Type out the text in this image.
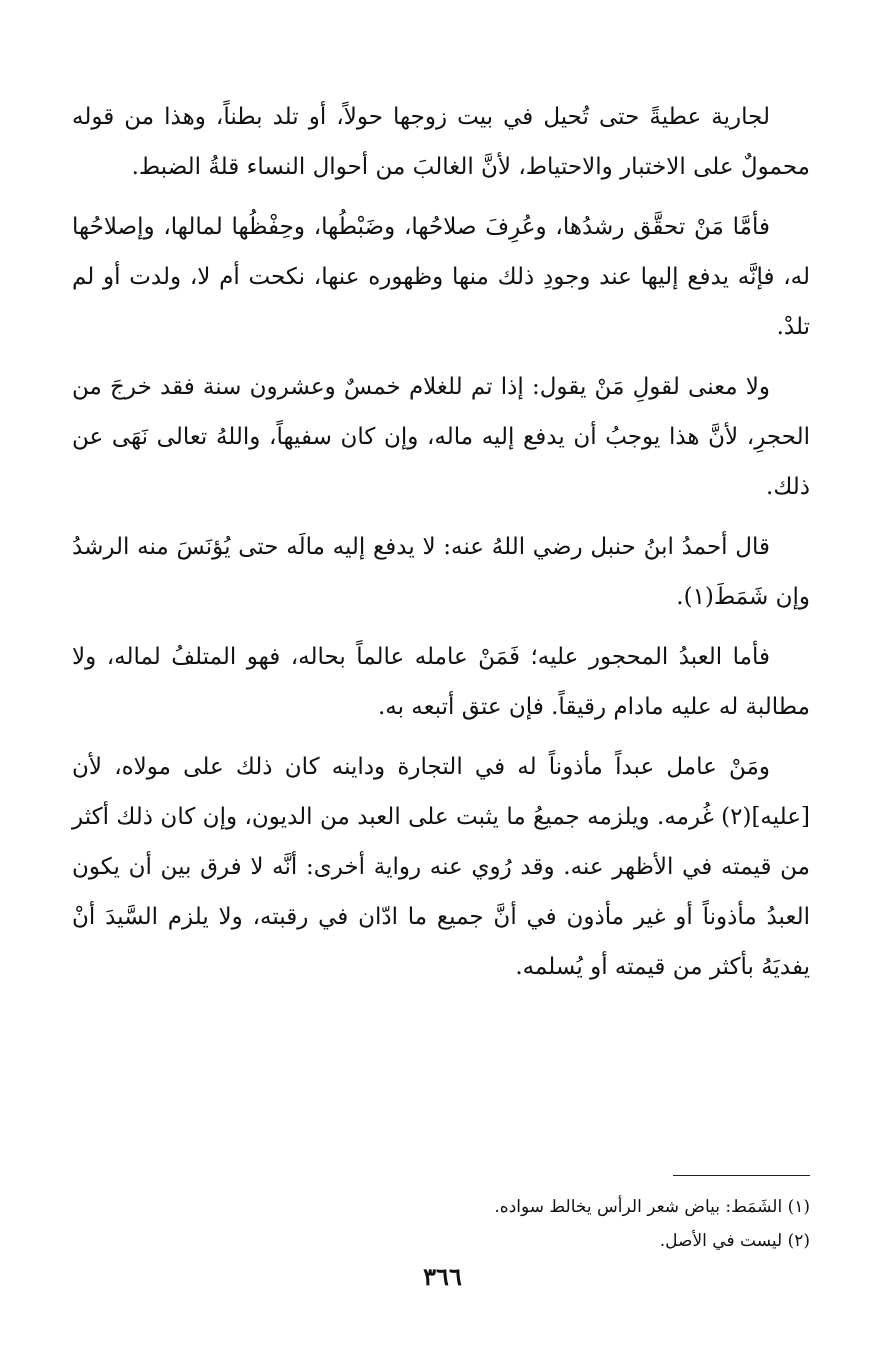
لجارية عطيةً حتى تُحيل في بيت زوجها حولاً، أو تلد بطناً، وهذا من قوله محمولٌ على الاختبار والاحتياط، لأنَّ الغالبَ من أحوال النساء قلةُ الضبط.

فأمَّا مَنْ تحقَّق رشدُها، وعُرِفَ صلاحُها، وضَبْطُها، وحِفْظُها لمالها، وإصلاحُها له، فإنَّه يدفع إليها عند وجودِ ذلك منها وظهوره عنها، نكحت أم لا، ولدت أو لم تلدْ.

ولا معنى لقولِ مَنْ يقول: إذا تم للغلام خمسٌ وعشرون سنة فقد خرجَ من الحجرِ، لأنَّ هذا يوجبُ أن يدفع إليه ماله، وإن كان سفيهاً، واللهُ تعالى نَهَى عن ذلك.

قال أحمدُ ابنُ حنبل رضي اللهُ عنه: لا يدفع إليه مالَه حتى يُؤنَسَ منه الرشدُ وإن شَمَطَ(١).

فأما العبدُ المحجور عليه؛ فَمَنْ عامله عالماً بحاله، فهو المتلفُ لماله، ولا مطالبة له عليه مادام رقيقاً. فإن عتق أتبعه به.

ومَنْ عامل عبداً مأذوناً له في التجارة وداينه كان ذلك على مولاه، لأن [عليه](٢) غُرمه. ويلزمه جميعُ ما يثبت على العبد من الديون، وإن كان ذلك أكثر من قيمته في الأظهر عنه. وقد رُوي عنه رواية أخرى: أنَّه لا فرق بين أن يكون العبدُ مأذوناً أو غير مأذون في أنَّ جميع ما ادّان في رقبته، ولا يلزم السَّيدَ أنْ يفديَهُ بأكثر من قيمته أو يُسلمه.

(١) الشَمَط: بياض شعر الرأس يخالط سواده.

(٢) ليست في الأصل.

٣٦٦
